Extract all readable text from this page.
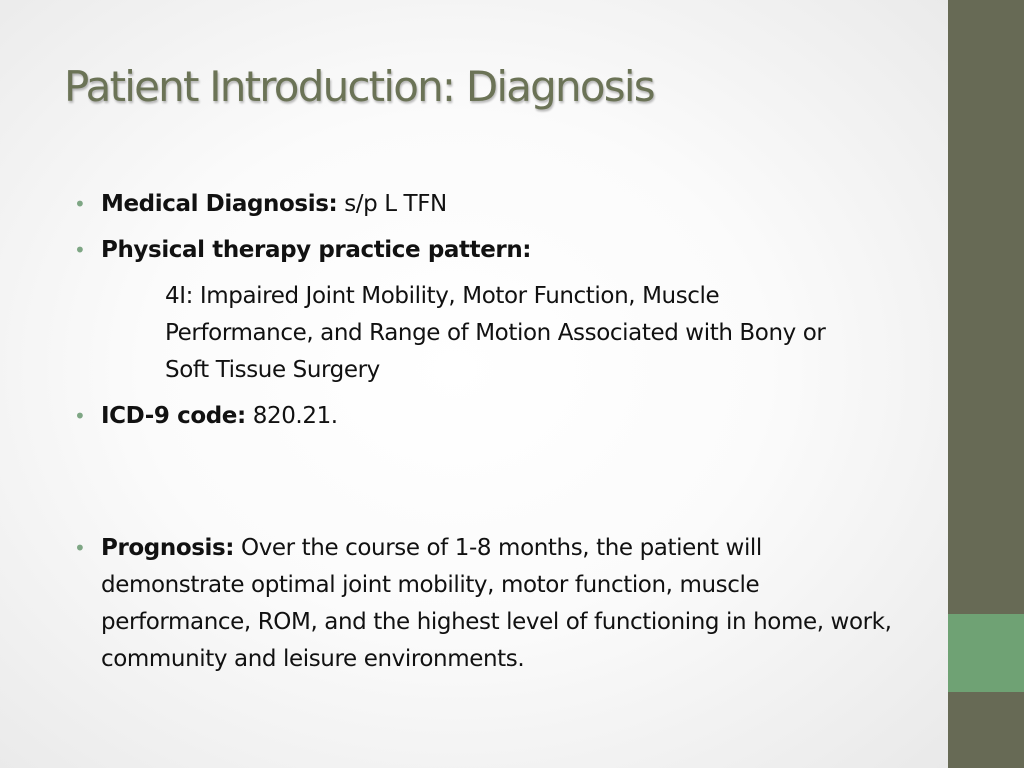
Patient Introduction: Diagnosis
• Medical Diagnosis: s/p L TFN
• Physical therapy practice pattern:
4I: Impaired Joint Mobility, Motor Function, Muscle Performance, and Range of Motion Associated with Bony or Soft Tissue Surgery
• ICD-9 code: 820.21.
• Prognosis: Over the course of 1-8 months, the patient will demonstrate optimal joint mobility, motor function, muscle performance, ROM, and the highest level of functioning in home, work, community and leisure environments.
